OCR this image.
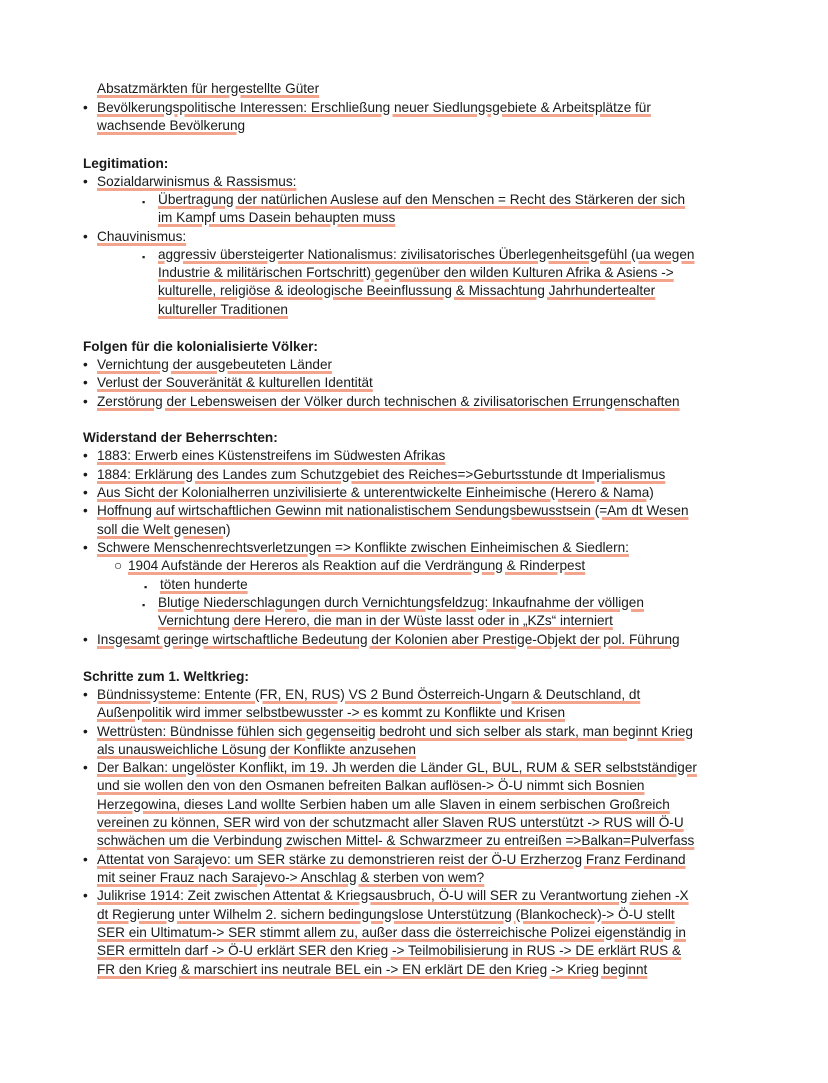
Absatzmärkten für hergestellte Güter
• Bevölkerungspolitische Interessen: Erschließung neuer Siedlungsgebiete & Arbeitsplätze für
wachsende Bevölkerung
Legitimation:
• Sozialdarwinismus & Rassismus:
▪ Übertragung der natürlichen Auslese auf den Menschen = Recht des Stärkeren der sich
im Kampf ums Dasein behaupten muss
• Chauvinismus:
▪ aggressiv übersteigerter Nationalismus: zivilisatorisches Überlegenheitsgefühl (ua wegen
Industrie & militärischen Fortschritt) gegenüber den wilden Kulturen Afrika & Asiens ->
kulturelle, religiöse & ideologische Beeinflussung & Missachtung Jahrhundertealter
kultureller Traditionen
Folgen für die kolonialisierte Völker:
• Vernichtung der ausgebeuteten Länder
• Verlust der Souveränität & kulturellen Identität
• Zerstörung der Lebensweisen der Völker durch technischen & zivilisatorischen Errungenschaften
Widerstand der Beherrschten:
• 1883: Erwerb eines Küstenstreifens im Südwesten Afrikas
• 1884: Erklärung des Landes zum Schutzgebiet des Reiches=>Geburtsstunde dt Imperialismus
• Aus Sicht der Kolonialherren unzivilisierte & unterentwickelte Einheimische (Herero & Nama)
• Hoffnung auf wirtschaftlichen Gewinn mit nationalistischem Sendungsbewusstsein (=Am dt Wesen
soll die Welt genesen)
• Schwere Menschenrechtsverletzungen => Konflikte zwischen Einheimischen & Siedlern:
○ 1904 Aufstände der Hereros als Reaktion auf die Verdrängung & Rinderpest
▪ töten hunderte
▪ Blutige Niederschlagungen durch Vernichtungsfeldzug: Inkaufnahme der völligen
Vernichtung dere Herero, die man in der Wüste lasst oder in „KZs“ interniert
• Insgesamt geringe wirtschaftliche Bedeutung der Kolonien aber Prestige-Objekt der pol. Führung
Schritte zum 1. Weltkrieg:
• Bündnissysteme: Entente (FR, EN, RUS) VS 2 Bund Österreich-Ungarn & Deutschland, dt
Außenpolitik wird immer selbstbewusster -> es kommt zu Konflikte und Krisen
• Wettrüsten: Bündnisse fühlen sich gegenseitig bedroht und sich selber als stark, man beginnt Krieg
als unausweichliche Lösung der Konflikte anzusehen
• Der Balkan: ungelöster Konflikt, im 19. Jh werden die Länder GL, BUL, RUM & SER selbstständiger
und sie wollen den von den Osmanen befreiten Balkan auflösen-> Ö-U nimmt sich Bosnien
Herzegowina, dieses Land wollte Serbien haben um alle Slaven in einem serbischen Großreich
vereinen zu können, SER wird von der schutzmacht aller Slaven RUS unterstützt -> RUS will Ö-U
schwächen um die Verbindung zwischen Mittel- & Schwarzmeer zu entreißen =>Balkan=Pulverfass
• Attentat von Sarajevo: um SER stärke zu demonstrieren reist der Ö-U Erzherzog Franz Ferdinand
mit seiner Frauz nach Sarajevo-> Anschlag & sterben von wem?
• Julikrise 1914: Zeit zwischen Attentat & Kriegsausbruch, Ö-U will SER zu Verantwortung ziehen -X
dt Regierung unter Wilhelm 2. sichern bedingungslose Unterstützung (Blankocheck)-> Ö-U stellt
SER ein Ultimatum-> SER stimmt allem zu, außer dass die österreichische Polizei eigenständig in
SER ermitteln darf -> Ö-U erklärt SER den Krieg -> Teilmobilisierung in RUS -> DE erklärt RUS &
FR den Krieg & marschiert ins neutrale BEL ein -> EN erklärt DE den Krieg -> Krieg beginnt
